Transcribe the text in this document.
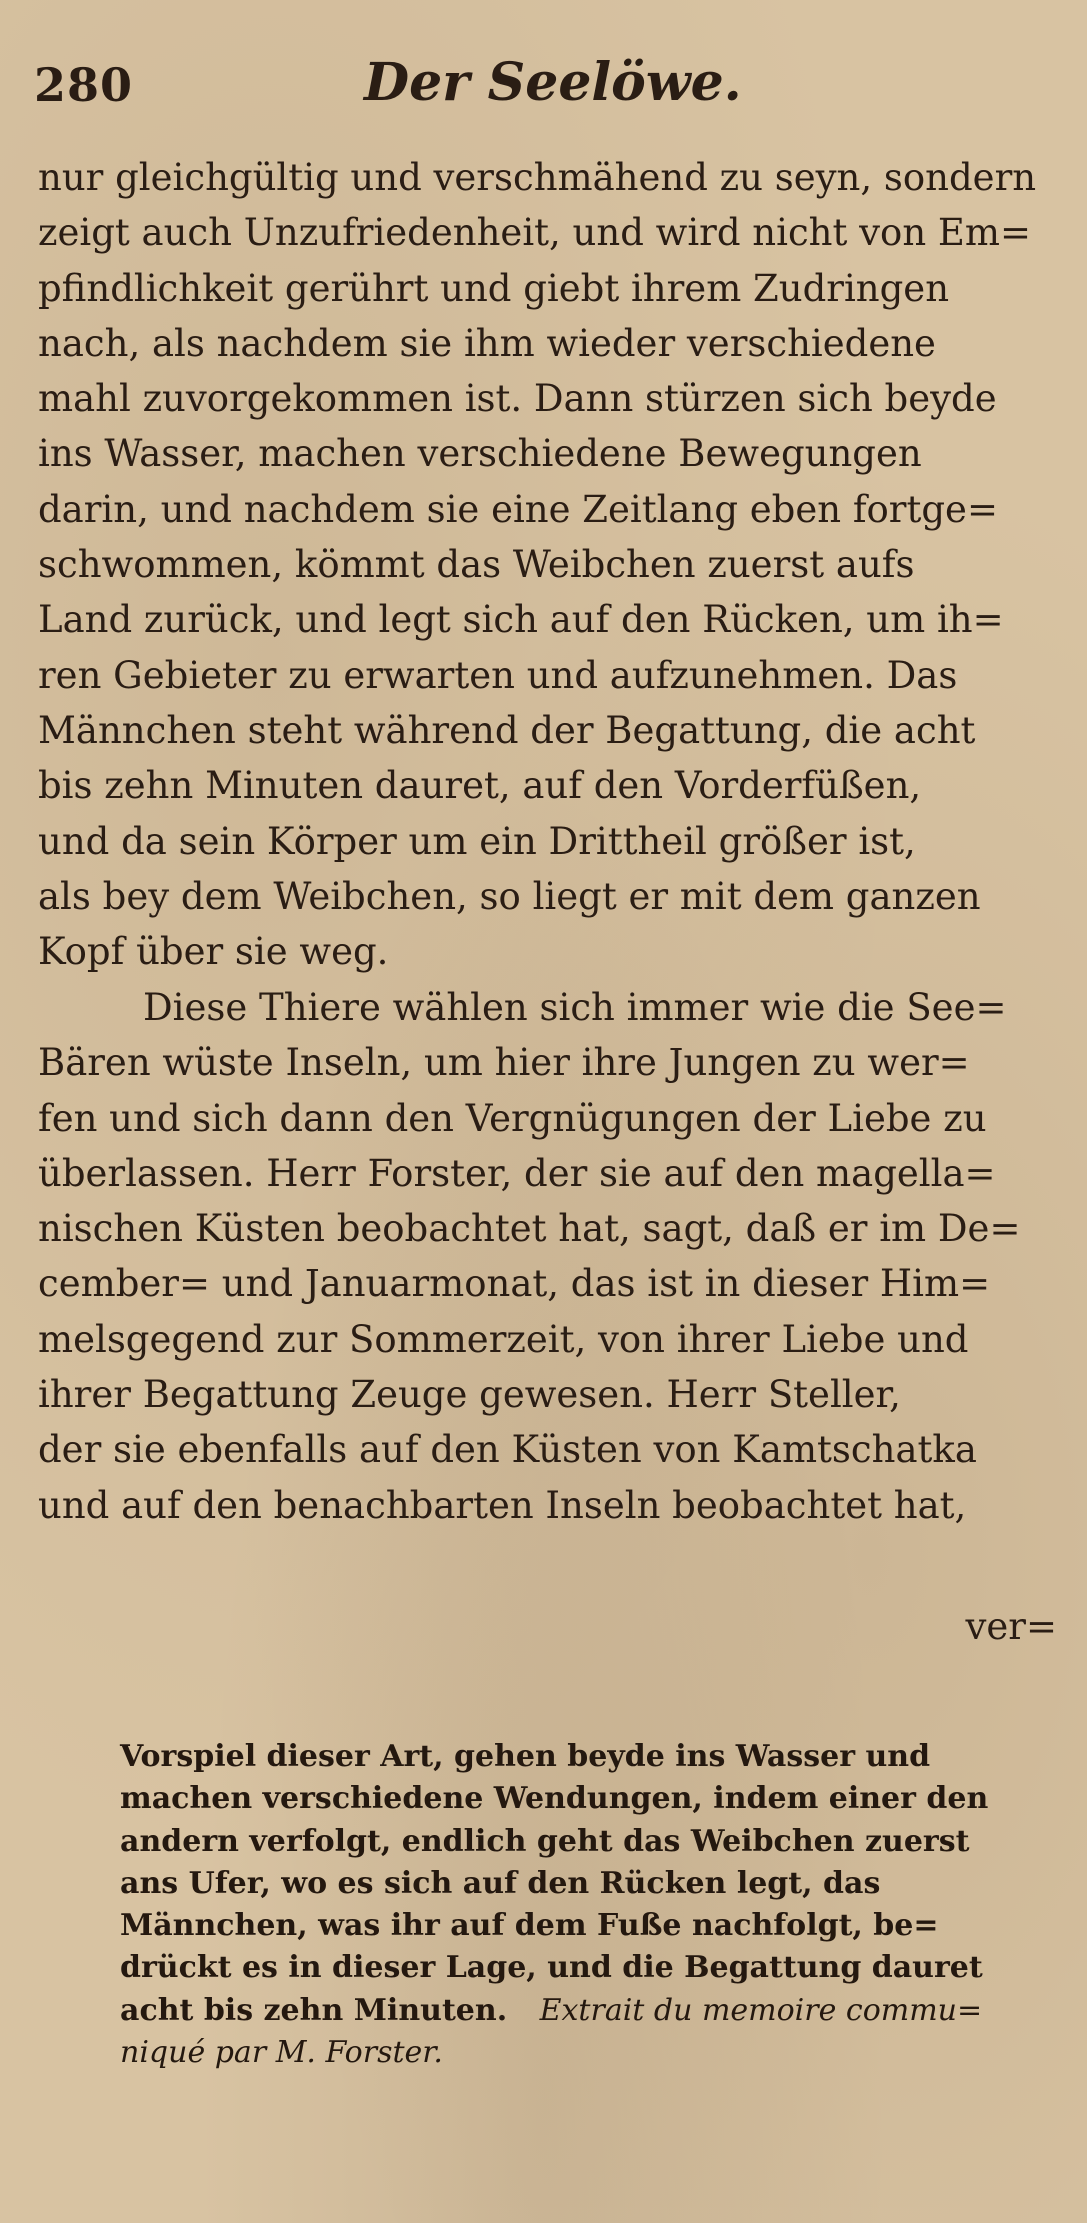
280	Der Seelöwe.

nur gleichgültig und verschmähend zu seyn, sondern
zeigt auch Unzufriedenheit, und wird nicht von Em=
pfindlichkeit gerührt und giebt ihrem Zudringen
nach, als nachdem sie ihm wieder verschiedene
mahl zuvorgekommen ist. Dann stürzen sich beyde
ins Wasser, machen verschiedene Bewegungen
darin, und nachdem sie eine Zeitlang eben fortge=
schwommen, kömmt das Weibchen zuerst aufs
Land zurück, und legt sich auf den Rücken, um ih=
ren Gebieter zu erwarten und aufzunehmen. Das
Männchen steht während der Begattung, die acht
bis zehn Minuten dauret, auf den Vorderfüßen,
und da sein Körper um ein Drittheil größer ist,
als bey dem Weibchen, so liegt er mit dem ganzen
Kopf über sie weg.

Diese Thiere wählen sich immer wie die See=
Bären wüste Inseln, um hier ihre Jungen zu wer=
fen und sich dann den Vergnügungen der Liebe zu
überlassen. Herr Forster, der sie auf den magella=
nischen Küsten beobachtet hat, sagt, daß er im De=
cember= und Januarmonat, das ist in dieser Him=
melsgegend zur Sommerzeit, von ihrer Liebe und
ihrer Begattung Zeuge gewesen. Herr Steller,
der sie ebenfalls auf den Küsten von Kamtschatka
und auf den benachbarten Inseln beobachtet hat,

ver=
Vorspiel dieser Art, gehen beyde ins Wasser und
machen verschiedene Wendungen, indem einer den
andern verfolgt, endlich geht das Weibchen zuerst
ans Ufer, wo es sich auf den Rücken legt, das
Männchen, was ihr auf dem Fuße nachfolgt, be=
drückt es in dieser Lage, und die Begattung dauret
acht bis zehn Minuten. Extrait du memoire commu=
niqué par M. Forster.
